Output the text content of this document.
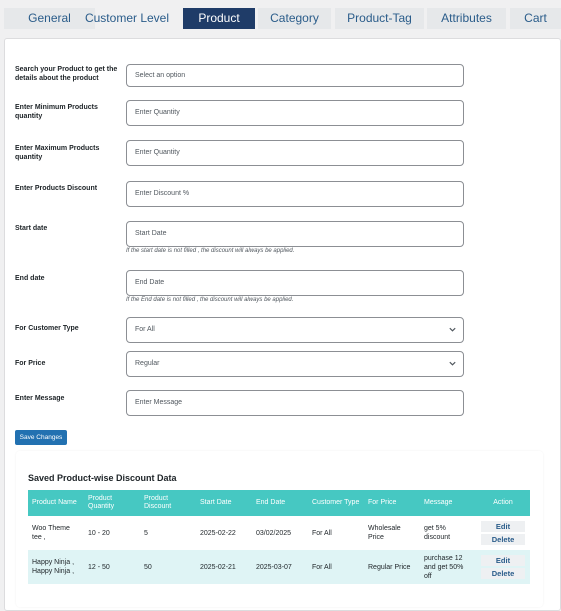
General	Customer Level	Product	Category	Product-Tag	Attributes	Cart
Search your Product to get the details about the product	Select an option
Enter Minimum Products quantity
Enter Quantity
Enter Maximum Products quantity
Enter Quantity
Enter Products Discount
Enter Discount %
Start date
Start Date
If the start date is not filled , the discount will always be applied.
End date
End Date
If the End date is not filled , the discount will always be applied.
For Customer Type	For All
For Price	Regular
Enter Message
Enter Message
Save Changes
Saved Product-wise Discount Data
Product Name	Product Quantity	Product Discount	Start Date	End Date	Customer Type	For Price	Message	Action
Woo Theme tee ,	10 - 20	5	2025-02-22	03/02/2025	For All	Wholesale Price	get 5% discount	Edit
Delete

Happy Ninja , Happy Ninja ,	12 - 50	50	2025-02-21	2025-03-07	For All	Regular Price	purchase 12 and get 50% off	Edit
Delete
